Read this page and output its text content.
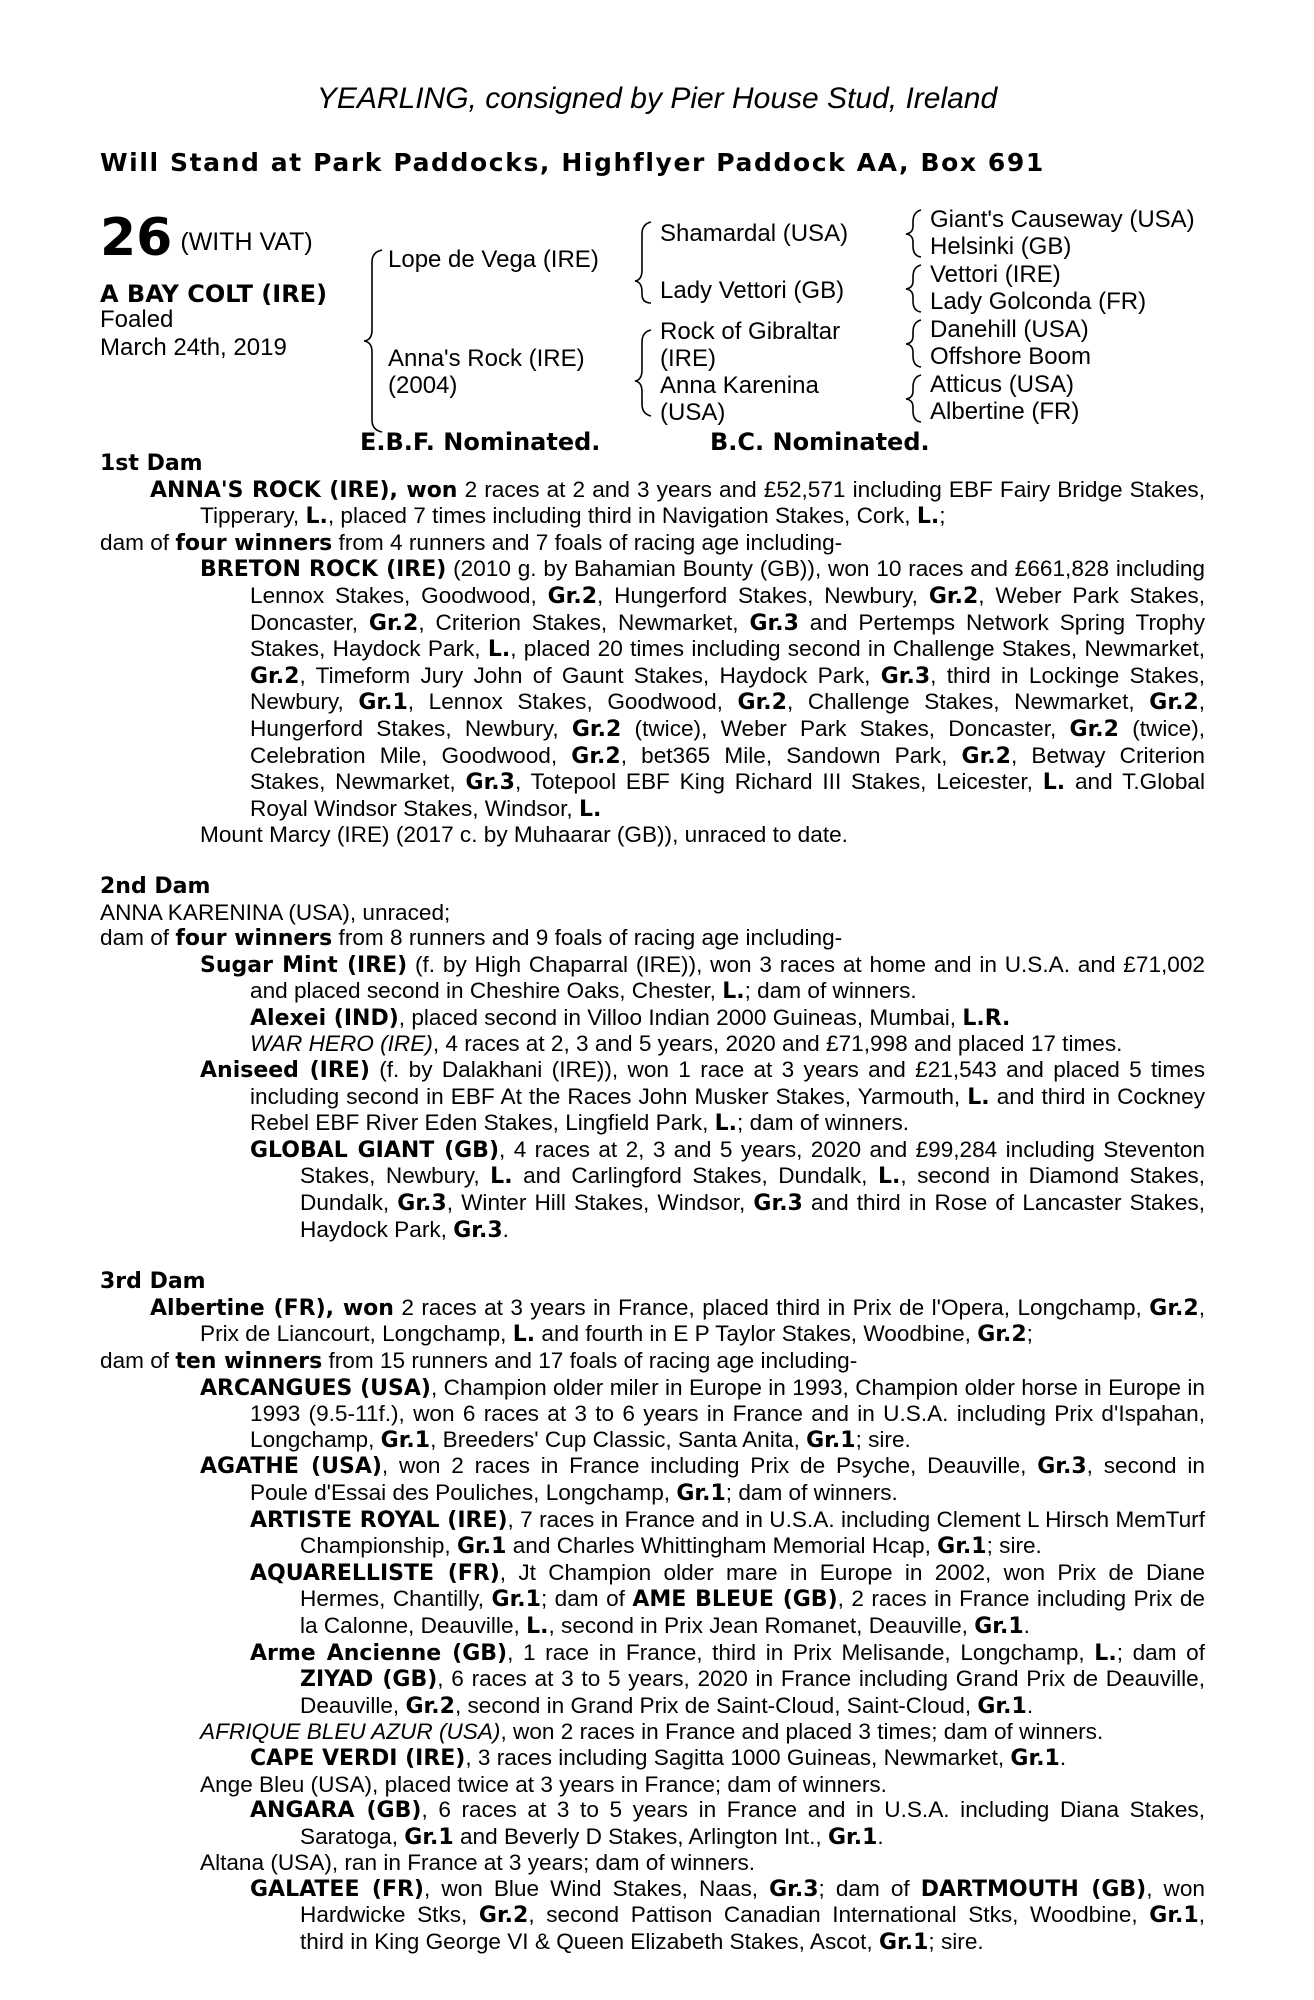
YEARLING, consigned by Pier House Stud, Ireland
Will Stand at Park Paddocks, Highflyer Paddock AA, Box 691
26 (WITH VAT)
A BAY COLT (IRE)
Foaled
March 24th, 2019
Lope de Vega (IRE)
Anna's Rock (IRE)
(2004)
Shamardal (USA)
Lady Vettori (GB)
Rock of Gibraltar
(IRE)
Anna Karenina
(USA)
Giant's Causeway (USA)
Helsinki (GB)
Vettori (IRE)
Lady Golconda (FR)
Danehill (USA)
Offshore Boom
Atticus (USA)
Albertine (FR)
E.B.F. Nominated.	B.C. Nominated.

1st Dam

ANNA'S ROCK (IRE), won 2 races at 2 and 3 years and £52,571 including EBF Fairy Bridge Stakes, Tipperary, L., placed 7 times including third in Navigation Stakes, Cork, L.;

dam of four winners from 4 runners and 7 foals of racing age including-

BRETON ROCK (IRE) (2010 g. by Bahamian Bounty (GB)), won 10 races and £661,828 including Lennox Stakes, Goodwood, Gr.2, Hungerford Stakes, Newbury, Gr.2, Weber Park Stakes, Doncaster, Gr.2, Criterion Stakes, Newmarket, Gr.3 and Pertemps Network Spring Trophy Stakes, Haydock Park, L., placed 20 times including second in Challenge Stakes, Newmarket, Gr.2, Timeform Jury John of Gaunt Stakes, Haydock Park, Gr.3, third in Lockinge Stakes, Newbury, Gr.1, Lennox Stakes, Goodwood, Gr.2, Challenge Stakes, Newmarket, Gr.2, Hungerford Stakes, Newbury, Gr.2 (twice), Weber Park Stakes, Doncaster, Gr.2 (twice), Celebration Mile, Goodwood, Gr.2, bet365 Mile, Sandown Park, Gr.2, Betway Criterion Stakes, Newmarket, Gr.3, Totepool EBF King Richard III Stakes, Leicester, L. and T.Global Royal Windsor Stakes, Windsor, L.

Mount Marcy (IRE) (2017 c. by Muhaarar (GB)), unraced to date.

2nd Dam

ANNA KARENINA (USA), unraced;

dam of four winners from 8 runners and 9 foals of racing age including-

Sugar Mint (IRE) (f. by High Chaparral (IRE)), won 3 races at home and in U.S.A. and £71,002 and placed second in Cheshire Oaks, Chester, L.; dam of winners.

Alexei (IND), placed second in Villoo Indian 2000 Guineas, Mumbai, L.R.

WAR HERO (IRE), 4 races at 2, 3 and 5 years, 2020 and £71,998 and placed 17 times.

Aniseed (IRE) (f. by Dalakhani (IRE)), won 1 race at 3 years and £21,543 and placed 5 times including second in EBF At the Races John Musker Stakes, Yarmouth, L. and third in Cockney Rebel EBF River Eden Stakes, Lingfield Park, L.; dam of winners.

GLOBAL GIANT (GB), 4 races at 2, 3 and 5 years, 2020 and £99,284 including Steventon Stakes, Newbury, L. and Carlingford Stakes, Dundalk, L., second in Diamond Stakes, Dundalk, Gr.3, Winter Hill Stakes, Windsor, Gr.3 and third in Rose of Lancaster Stakes, Haydock Park, Gr.3.

3rd Dam

Albertine (FR), won 2 races at 3 years in France, placed third in Prix de l'Opera, Longchamp, Gr.2, Prix de Liancourt, Longchamp, L. and fourth in E P Taylor Stakes, Woodbine, Gr.2;

dam of ten winners from 15 runners and 17 foals of racing age including-

ARCANGUES (USA), Champion older miler in Europe in 1993, Champion older horse in Europe in 1993 (9.5-11f.), won 6 races at 3 to 6 years in France and in U.S.A. including Prix d'Ispahan, Longchamp, Gr.1, Breeders' Cup Classic, Santa Anita, Gr.1; sire.

AGATHE (USA), won 2 races in France including Prix de Psyche, Deauville, Gr.3, second in Poule d'Essai des Pouliches, Longchamp, Gr.1; dam of winners.

ARTISTE ROYAL (IRE), 7 races in France and in U.S.A. including Clement L Hirsch MemTurf Championship, Gr.1 and Charles Whittingham Memorial Hcap, Gr.1; sire.

AQUARELLISTE (FR), Jt Champion older mare in Europe in 2002, won Prix de Diane Hermes, Chantilly, Gr.1; dam of AME BLEUE (GB), 2 races in France including Prix de la Calonne, Deauville, L., second in Prix Jean Romanet, Deauville, Gr.1.

Arme Ancienne (GB), 1 race in France, third in Prix Melisande, Longchamp, L.; dam of ZIYAD (GB), 6 races at 3 to 5 years, 2020 in France including Grand Prix de Deauville, Deauville, Gr.2, second in Grand Prix de Saint-Cloud, Saint-Cloud, Gr.1.

AFRIQUE BLEU AZUR (USA), won 2 races in France and placed 3 times; dam of winners.

CAPE VERDI (IRE), 3 races including Sagitta 1000 Guineas, Newmarket, Gr.1.

Ange Bleu (USA), placed twice at 3 years in France; dam of winners.

ANGARA (GB), 6 races at 3 to 5 years in France and in U.S.A. including Diana Stakes, Saratoga, Gr.1 and Beverly D Stakes, Arlington Int., Gr.1.

Altana (USA), ran in France at 3 years; dam of winners.

GALATEE (FR), won Blue Wind Stakes, Naas, Gr.3; dam of DARTMOUTH (GB), won Hardwicke Stks, Gr.2, second Pattison Canadian International Stks, Woodbine, Gr.1, third in King George VI & Queen Elizabeth Stakes, Ascot, Gr.1; sire.
